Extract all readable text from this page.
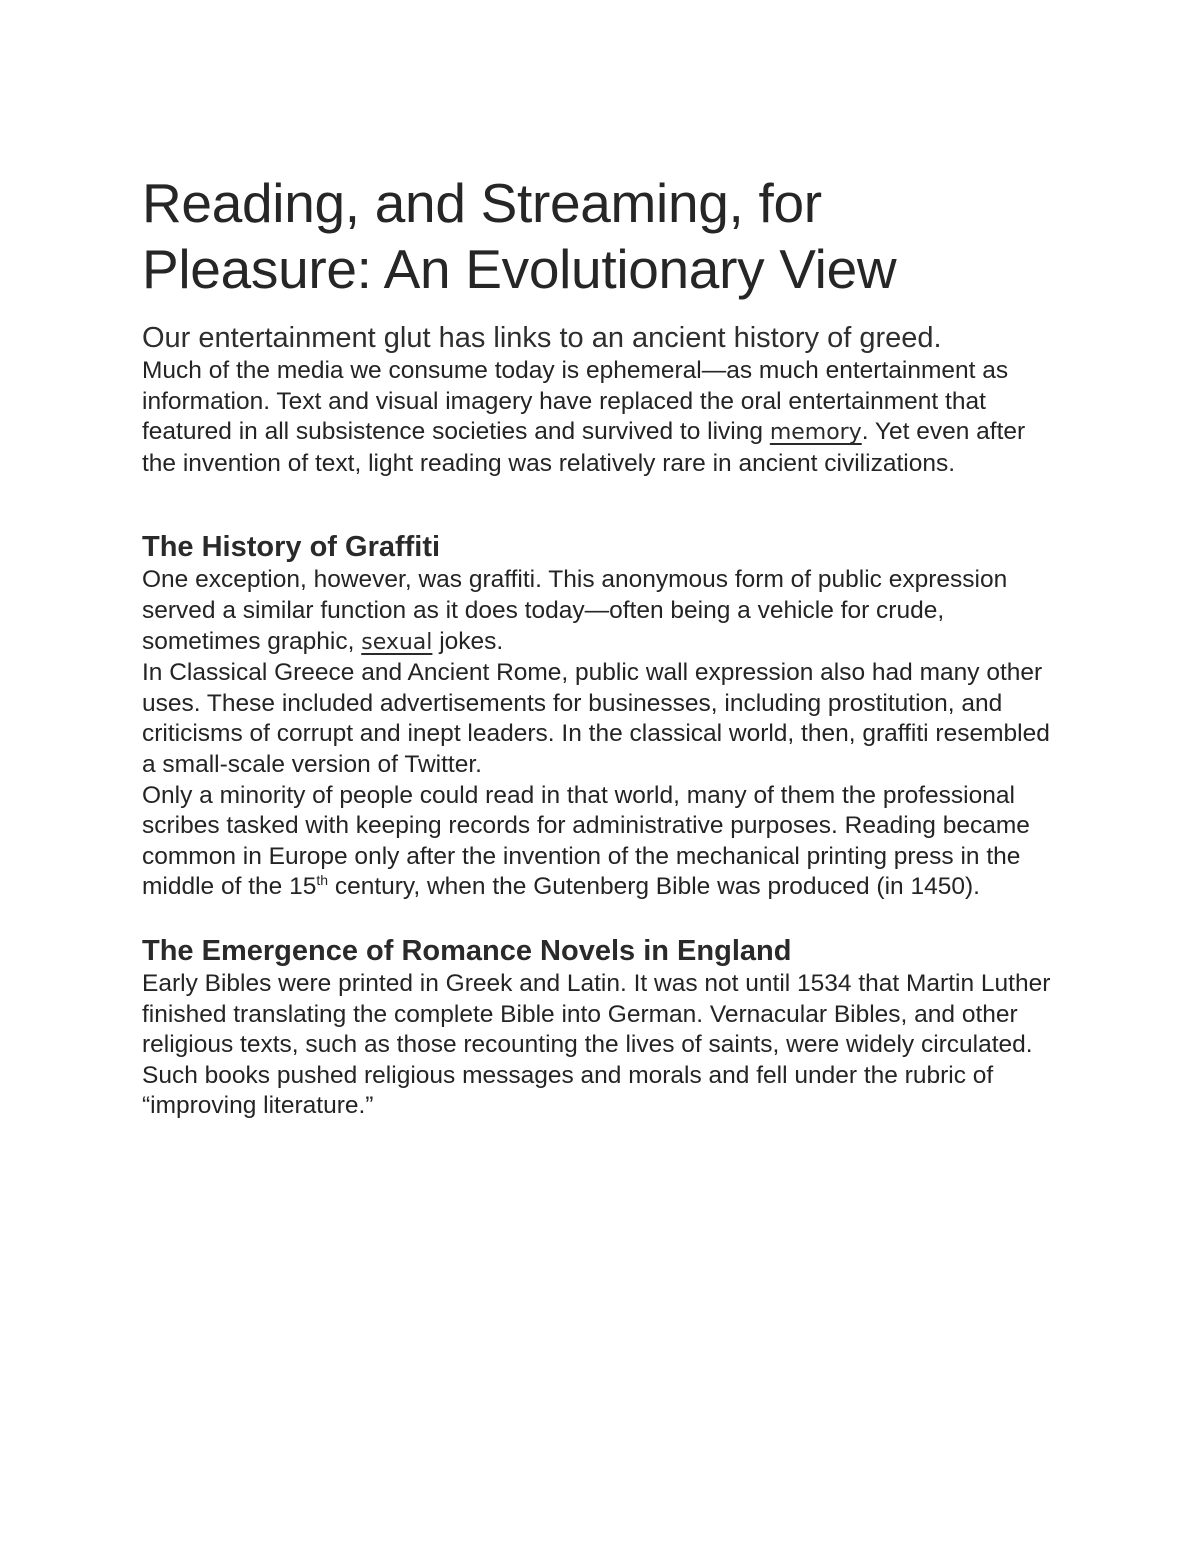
Reading, and Streaming, for Pleasure: An Evolutionary View
Our entertainment glut has links to an ancient history of greed.

Much of the media we consume today is ephemeral—as much entertainment as information. Text and visual imagery have replaced the oral entertainment that featured in all subsistence societies and survived to living memory. Yet even after the invention of text, light reading was relatively rare in ancient civilizations.

The History of Graffiti

One exception, however, was graffiti. This anonymous form of public expression served a similar function as it does today—often being a vehicle for crude, sometimes graphic, sexual jokes.

In Classical Greece and Ancient Rome, public wall expression also had many other uses. These included advertisements for businesses, including prostitution, and criticisms of corrupt and inept leaders. In the classical world, then, graffiti resembled a small-scale version of Twitter.

Only a minority of people could read in that world, many of them the professional scribes tasked with keeping records for administrative purposes. Reading became common in Europe only after the invention of the mechanical printing press in the middle of the 15th century, when the Gutenberg Bible was produced (in 1450).

The Emergence of Romance Novels in England

Early Bibles were printed in Greek and Latin. It was not until 1534 that Martin Luther finished translating the complete Bible into German. Vernacular Bibles, and other religious texts, such as those recounting the lives of saints, were widely circulated. Such books pushed religious messages and morals and fell under the rubric of “improving literature.”
